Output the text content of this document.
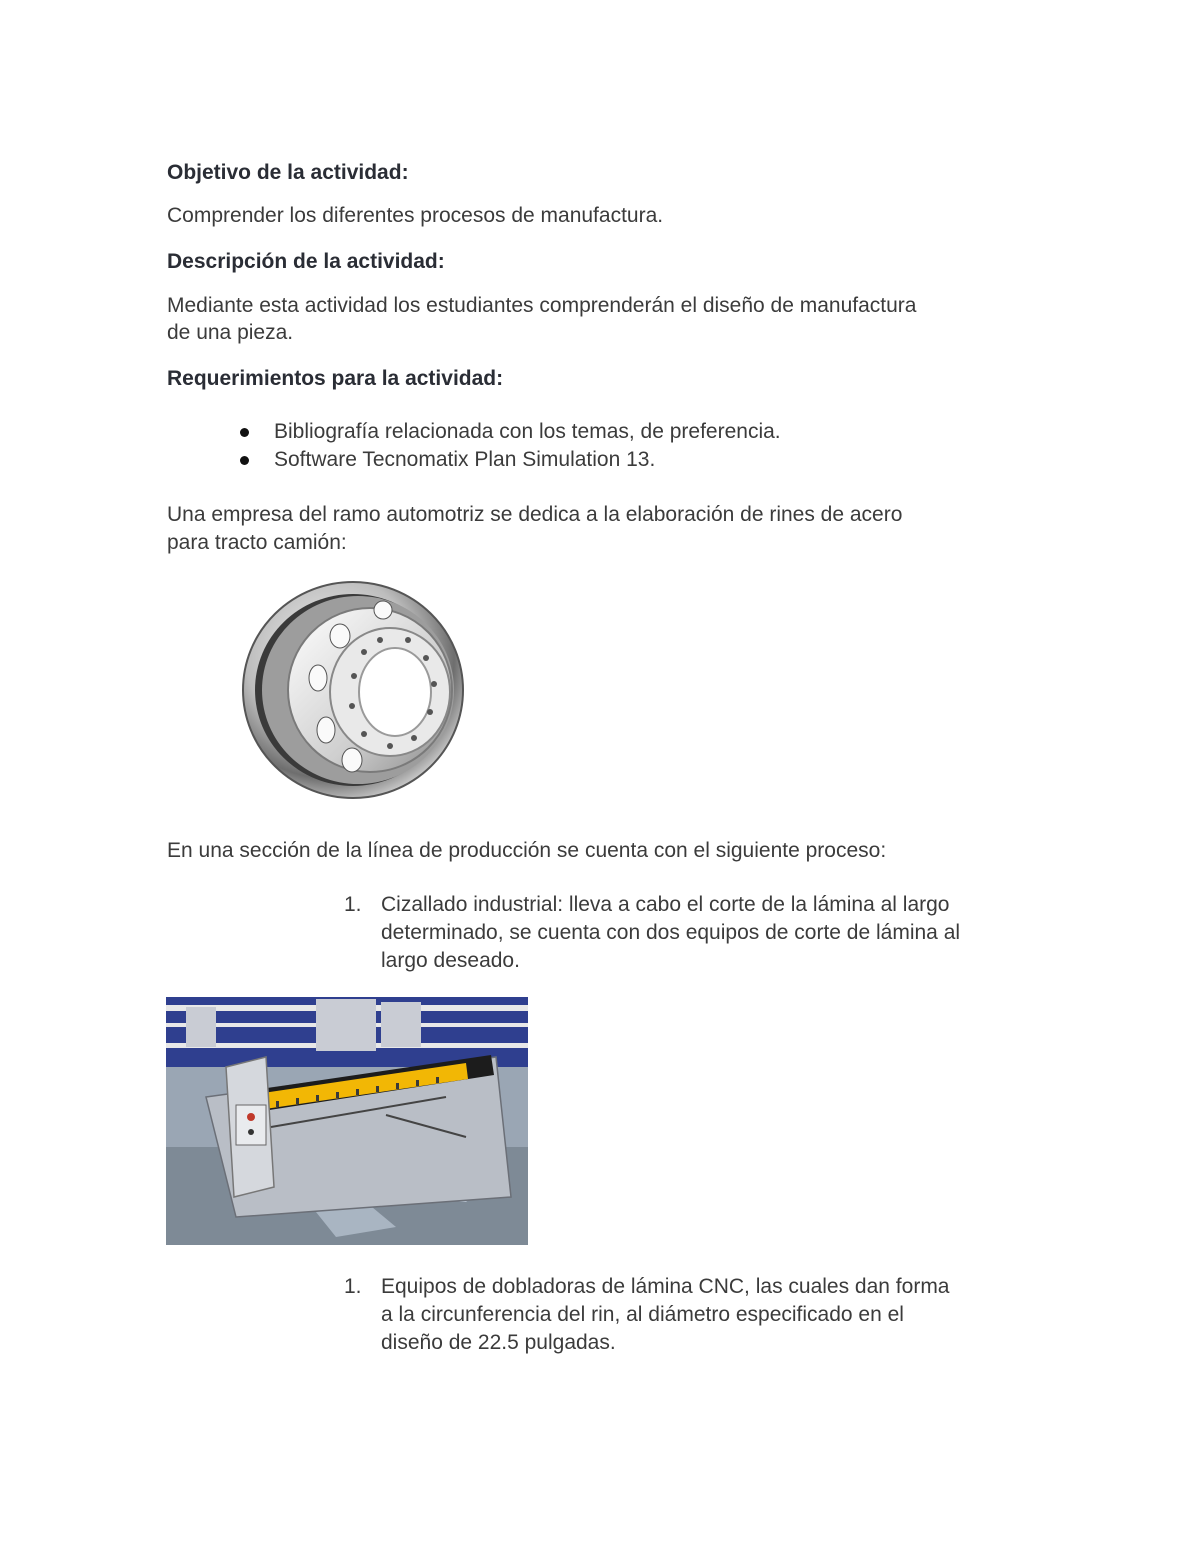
Objetivo de la actividad:

Comprender los diferentes procesos de manufactura.

Descripción de la actividad:

Mediante esta actividad los estudiantes comprenderán el diseño de manufactura

de una pieza.

Requerimientos para la actividad:

Bibliografía relacionada con los temas, de preferencia.
Software Tecnomatix Plan Simulation 13.

Una empresa del ramo automotriz se dedica a la elaboración de rines de acero

para tracto camión:

En una sección de la línea de producción se cuenta con el siguiente proceso:

1. Cizallado industrial: lleva a cabo el corte de la lámina al largo
determinado, se cuenta con dos equipos de corte de lámina al
largo deseado.
1. Equipos de dobladoras de lámina CNC, las cuales dan forma
a la circunferencia del rin, al diámetro especificado en el
diseño de 22.5 pulgadas.
